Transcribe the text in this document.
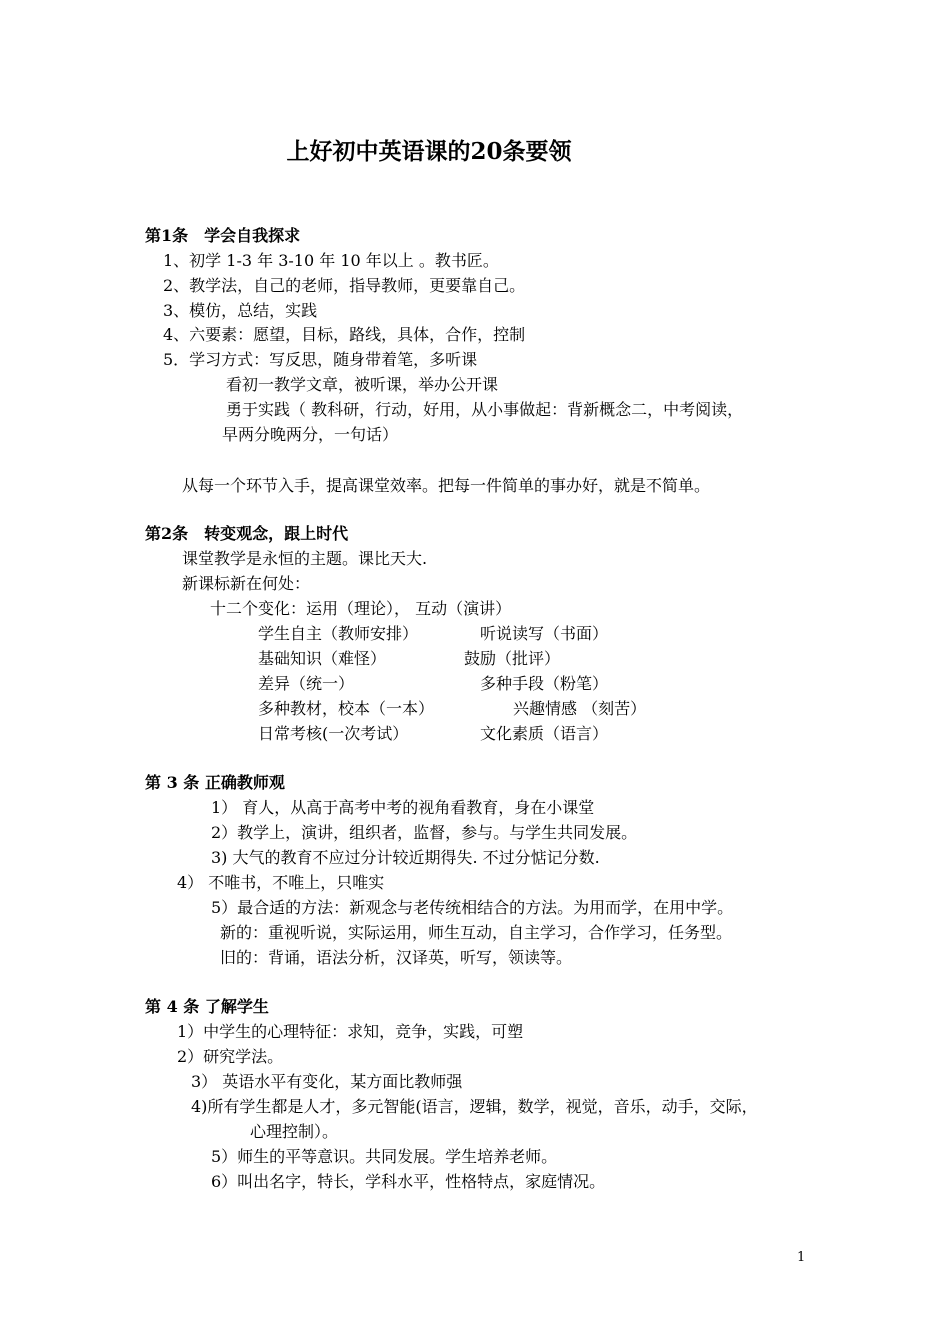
上好初中英语课的20条要领
第1条　学会自我探求
1、初学 1-3 年 3-10 年 10 年以上 。教书匠。
2、教学法，自己的老师，指导教师，更要靠自己。
3、模仿，总结，实践
4、六要素：愿望，目标，路线，具体，合作，控制
5．学习方式：写反思，随身带着笔，多听课
看初一教学文章，被听课，举办公开课
勇于实践（ 教科研，行动，好用，从小事做起：背新概念二，中考阅读，
早两分晚两分，一句话）
从每一个环节入手，提高课堂效率。把每一件简单的事办好，就是不简单。
第2条　转变观念，跟上时代
课堂教学是永恒的主题。课比天大.
新课标新在何处：
十二个变化：运用（理论）， 互动（演讲）
学生自主（教师安排）	听说读写（书面）
基础知识（难怪）	鼓励（批评）
差异（统一）	多种手段（粉笔）
多种教材，校本（一本）	兴趣情感 （刻苦）
日常考核(一次考试）	文化素质（语言）
第 3 条 正确教师观
1） 育人，从高于高考中考的视角看教育，身在小课堂
2）教学上，演讲，组织者，监督，参与。与学生共同发展。
3) 大气的教育不应过分计较近期得失. 不过分惦记分数.
4） 不唯书，不唯上，只唯实
5）最合适的方法：新观念与老传统相结合的方法。为用而学，在用中学。
新的：重视听说，实际运用，师生互动，自主学习，合作学习，任务型。
旧的：背诵，语法分析，汉译英，听写，领读等。
第 4 条 了解学生
1）中学生的心理特征：求知，竞争，实践，可塑
2）研究学法。
3） 英语水平有变化，某方面比教师强
4)所有学生都是人才，多元智能(语言，逻辑，数学，视觉，音乐，动手，交际，
心理控制）。
5）师生的平等意识。共同发展。学生培养老师。
6）叫出名字，特长，学科水平，性格特点，家庭情况。
1
